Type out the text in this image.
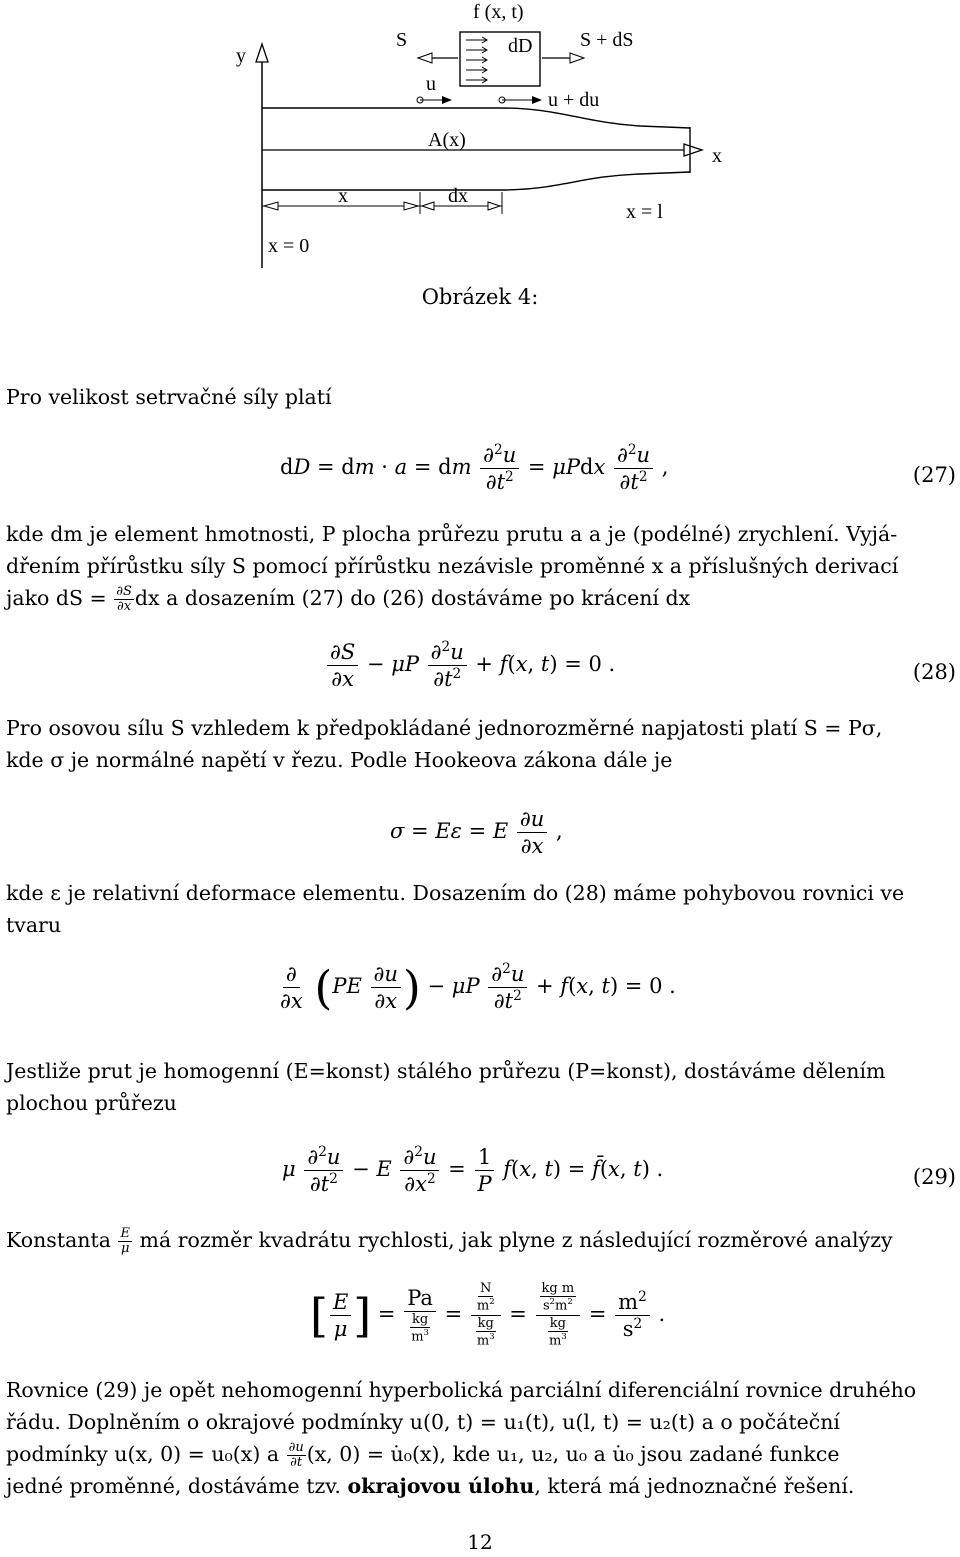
y
x
f (x, t)
dD
S	S + dS
u
u + du
A(x)
x	dx
x = l
x = 0
Obrázek 4:
Pro velikost setrvačné síly platí
dD = dm · a = dm $\frac{\partial^2u}{\partial t^2} = \mu Pdx \frac{\partial^2u}{\partial t^2}$ ,	(27)
kde dm je element hmotnosti, P plocha průřezu prutu a a je (podélné) zrychlení. Vyjá-
dřením přírůstku síly S pomocí přírůstku nezávisle proměnné x a příslušných derivací
jako dS = $\frac{\partial S}{\partial x}$ dx a dosazením (27) do (26) dostáváme po krácení dx
$\frac{\partial S}{\partial x} - \mu P \frac{\partial^2u}{\partial t^2} + f(x$, t) = 0 .	(28)
Pro osovou sílu S vzhledem k předpokládané jednorozměrné napjatosti platí S = Pσ,
kde σ je normálné napětí v řezu. Podle Hookeova zákona dále je
σ = Eε = E $\frac{\partial u}{\partial x}$ ,
kde ε je relativní deformace elementu. Dosazením do (28) máme pohybovou rovnici ve
tvaru
$\frac{\partial}{\partial x} (PE \frac{\partial u}{\partial x}$ ) − μP $\frac{\partial^2u}{\partial t^2} + f(x$, t) = 0 .
Jestliže prut je homogenní (E=konst) stálého průřezu (P=konst), dostáváme dělením
plochou průřezu
μ $\frac{\partial^2u}{\partial t^2} - E \frac{\partial^2u}{\partial x^2} = \frac{1}{P} f(x$, t) = f̄(x, t) .	(29)
Konstanta $\frac{E}{\mu}$ má rozměr kvadrátu rychlosti, jak plyne z následující rozměrové analýzy
[ $\frac{E}{\mu}$ ] = $\frac{Pa}{\frac{kg}{m^3}} = \frac{\frac{N}{m^2}}{\frac{kg}{m^3}} = \frac{\frac{\text{kg m}}{s^2m^2}}{\frac{kg}{m^3}} = \frac{m^2}{s^2}$ .
Rovnice (29) je opět nehomogenní hyperbolická parciální diferenciální rovnice druhého
řádu. Doplněním o okrajové podmínky u(0, t) = u₁(t), u(l, t) = u₂(t) a o počáteční
podmínky u(x, 0) = u₀(x) a $\frac{\partial u}{\partial t} (x$, 0) = u̇₀(x), kde u₁, u₂, u₀ a u̇₀ jsou zadané funkce
jedné proměnné, dostáváme tzv. okrajovou úlohu, která má jednoznačné řešení.
12
